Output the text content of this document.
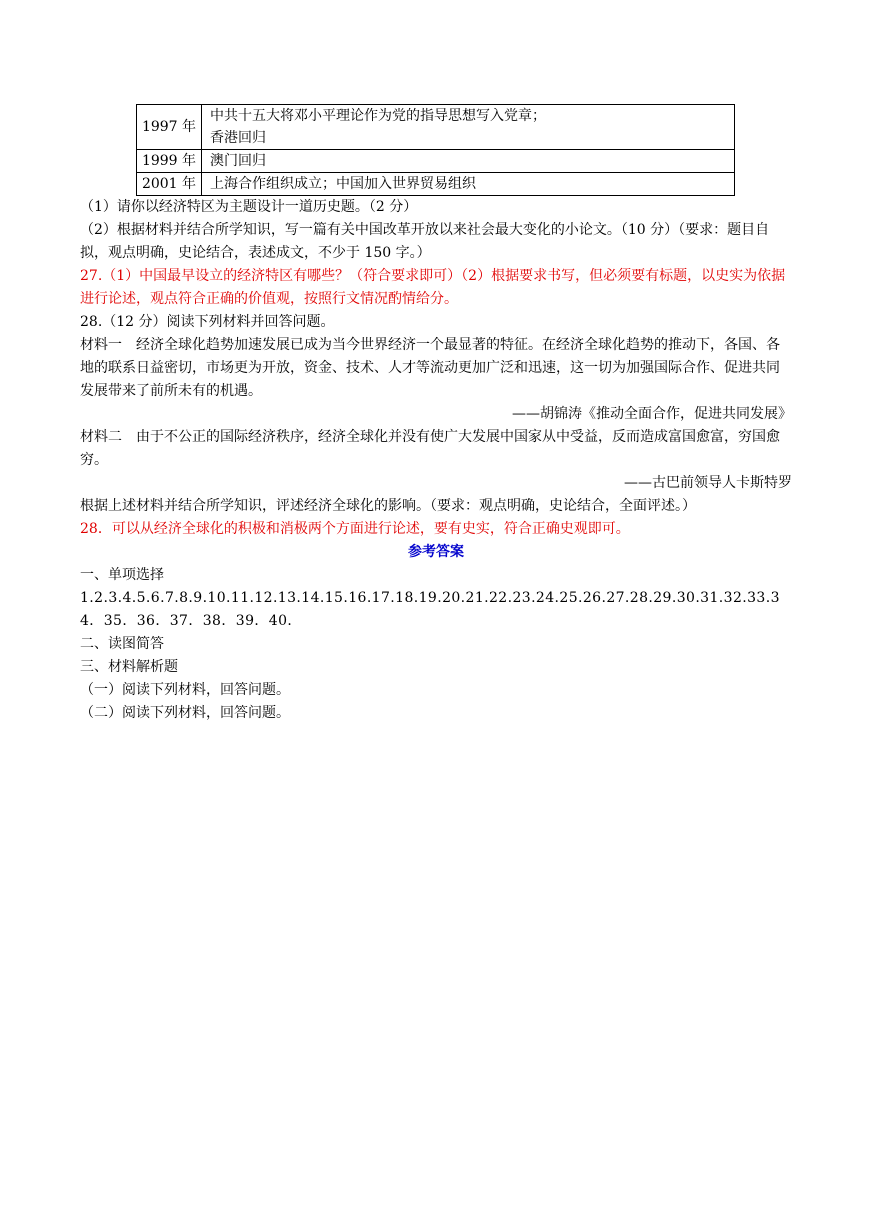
1997 年	中共十五大将邓小平理论作为党的指导思想写入党章；
香港回归

1999 年	澳门回归

2001 年	上海合作组织成立；中国加入世界贸易组织

（1）请你以经济特区为主题设计一道历史题。（2 分）

（2）根据材料并结合所学知识，写一篇有关中国改革开放以来社会最大变化的小论文。（10 分）（要求：题目自拟，观点明确，史论结合，表述成文，不少于 150 字。）

27.（1）中国最早设立的经济特区有哪些？（符合要求即可）（2）根据要求书写，但必须要有标题，以史实为依据进行论述，观点符合正确的价值观，按照行文情况酌情给分。

28.（12 分）阅读下列材料并回答问题。

材料一　经济全球化趋势加速发展已成为当今世界经济一个最显著的特征。在经济全球化趋势的推动下，各国、各地的联系日益密切，市场更为开放，资金、技术、人才等流动更加广泛和迅速，这一切为加强国际合作、促进共同发展带来了前所未有的机遇。

——胡锦涛《推动全面合作，促进共同发展》

材料二　由于不公正的国际经济秩序，经济全球化并没有使广大发展中国家从中受益，反而造成富国愈富，穷国愈穷。

——古巴前领导人卡斯特罗

根据上述材料并结合所学知识，评述经济全球化的影响。（要求：观点明确，史论结合，全面评述。）

28．可以从经济全球化的积极和消极两个方面进行论述，要有史实，符合正确史观即可。

参考答案

一、单项选择

1.2.3.4.5.6.7.8.9.10.11.12.13.14.15.16.17.18.19.20.21.22.23.24.25.26.27.28.29.30.31.32.33.34．35．36．37．38．39．40．

二、读图简答

三、材料解析题

（一）阅读下列材料，回答问题。

（二）阅读下列材料，回答问题。
